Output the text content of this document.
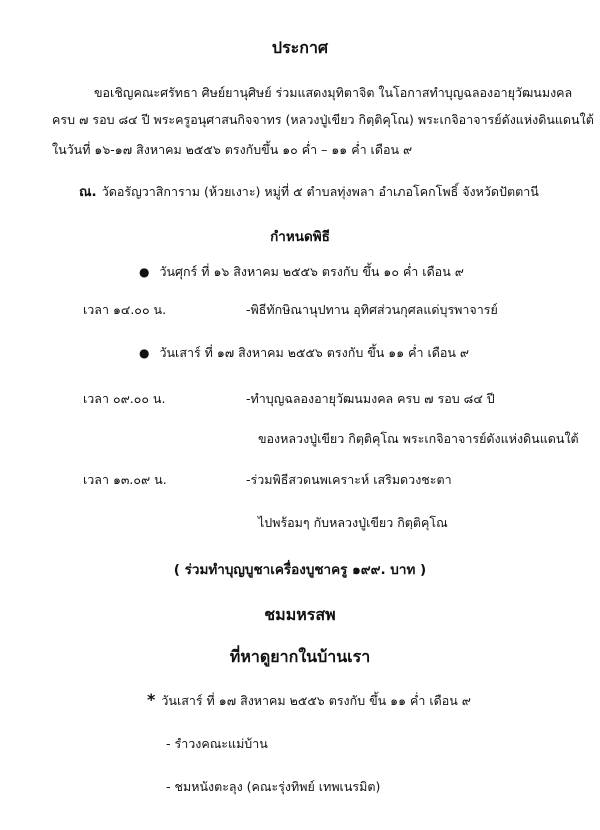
ประกาศ
ขอเชิญคณะศรัทธา ศิษย์ยานุศิษย์ ร่วมแสดงมุทิตาจิต ในโอกาสทำบุญฉลองอายุวัฒนมงคล
ครบ ๗ รอบ ๘๔ ปี พระครูอนุศาสนกิจจาทร (หลวงปู่เขียว กิตฺติคุโณ) พระเกจิอาจารย์ดังแห่งดินแดนใต้
ในวันที่ ๑๖-๑๗ สิงหาคม ๒๕๕๖ ตรงกับขึ้น ๑๐ ค่ำ – ๑๑ ค่ำ เดือน ๙
ณ. วัดอรัญวาสิการาม (ห้วยเงาะ) หมู่ที่ ๕ ตำบลทุ่งพลา อำเภอโคกโพธิ์ จังหวัดปัตตานี
กำหนดพิธี
● วันศุกร์ ที่ ๑๖ สิงหาคม ๒๕๕๖ ตรงกับ ขึ้น ๑๐ ค่ำ เดือน ๙
เวลา ๑๔.๐๐ น.	-พิธีทักษิณานุปทาน อุทิศส่วนกุศลแด่บุรพาจารย์
● วันเสาร์ ที่ ๑๗ สิงหาคม ๒๕๕๖ ตรงกับ ขึ้น ๑๑ ค่ำ เดือน ๙
เวลา ๐๙.๐๐ น.	-ทำบุญฉลองอายุวัฒนมงคล ครบ ๗ รอบ ๘๔ ปี
ของหลวงปู่เขียว กิตฺติคุโณ พระเกจิอาจารย์ดังแห่งดินแดนใต้
เวลา ๑๓.๐๙ น.	-ร่วมพิธีสวดนพเคราะห์ เสริมดวงชะตา
ไปพร้อมๆ กับหลวงปู่เขียว กิตฺติคุโณ
( ร่วมทำบุญบูชาเครื่องบูชาครู ๑๙๙. บาท )
ชมมหรสพ
ที่หาดูยากในบ้านเรา
* วันเสาร์ ที่ ๑๗ สิงหาคม ๒๕๕๖ ตรงกับ ขึ้น ๑๑ ค่ำ เดือน ๙
- รำวงคณะแม่บ้าน
- ชมหนังตะลุง (คณะรุ่งทิพย์ เทพเนรมิต)
